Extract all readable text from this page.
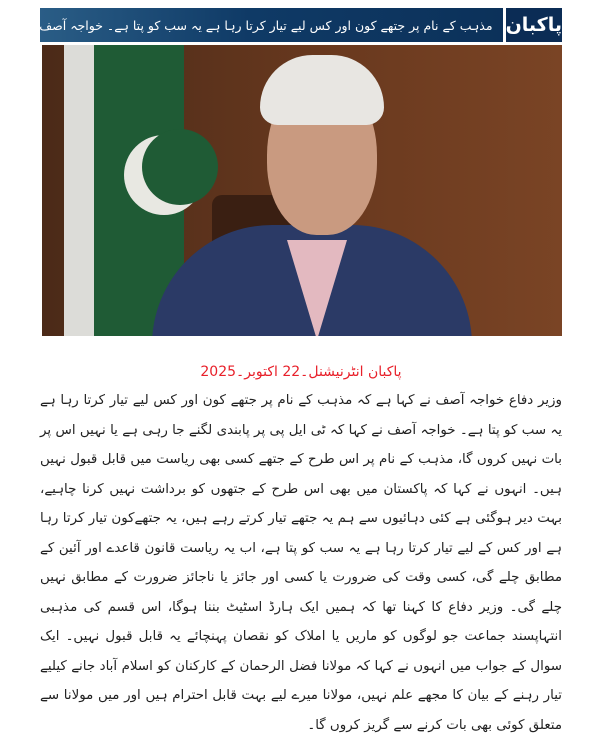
پاکبان
مذہب کے نام پر جتھے کون اور کس لیے تیار کرتا رہا ہے یہ سب کو پتا ہے۔ خواجہ آصف
پاکبان انٹرنیشنل۔22 اکتوبر۔2025
وزیر دفاع خواجہ آصف نے کہا ہے کہ مذہب کے نام پر جتھے کون اور کس لیے تیار کرتا رہا ہے یہ سب کو پتا ہے۔ خواجہ آصف نے کہا کہ ٹی ایل پی پر پابندی لگنے جا رہی ہے یا نہیں اس پر بات نہیں کروں گا، مذہب کے نام پر اس طرح کے جتھے کسی بھی ریاست میں قابل قبول نہیں ہیں۔ انہوں نے کہا کہ پاکستان میں بھی اس طرح کے جتھوں کو برداشت نہیں کرنا چاہیے، بہت دیر ہوگئی ہے کئی دہائیوں سے ہم یہ جتھے تیار کرتے رہے ہیں، یہ جتھےکون تیار کرتا رہا ہے اور کس کے لیے تیار کرتا رہا ہے یہ سب کو پتا ہے، اب یہ ریاست قانون قاعدے اور آئین کے مطابق چلے گی، کسی وقت کی ضرورت یا کسی اور جائز یا ناجائز ضرورت کے مطابق نہیں چلے گی۔ وزیر دفاع کا کہنا تھا کہ ہمیں ایک ہارڈ اسٹیٹ بننا ہوگا، اس قسم کی مذہبی انتہاپسند جماعت جو لوگوں کو ماریں یا املاک کو نقصان پہنچائے یہ قابل قبول نہیں۔ ایک سوال کے جواب میں انہوں نے کہا کہ مولانا فضل الرحمان کے کارکنان کو اسلام آباد جانے کیلیے تیار رہنے کے بیان کا مجھے علم نہیں، مولانا میرے لیے بہت قابل احترام ہیں اور میں مولانا سے متعلق کوئی بھی بات کرنے سے گریز کروں گا۔
